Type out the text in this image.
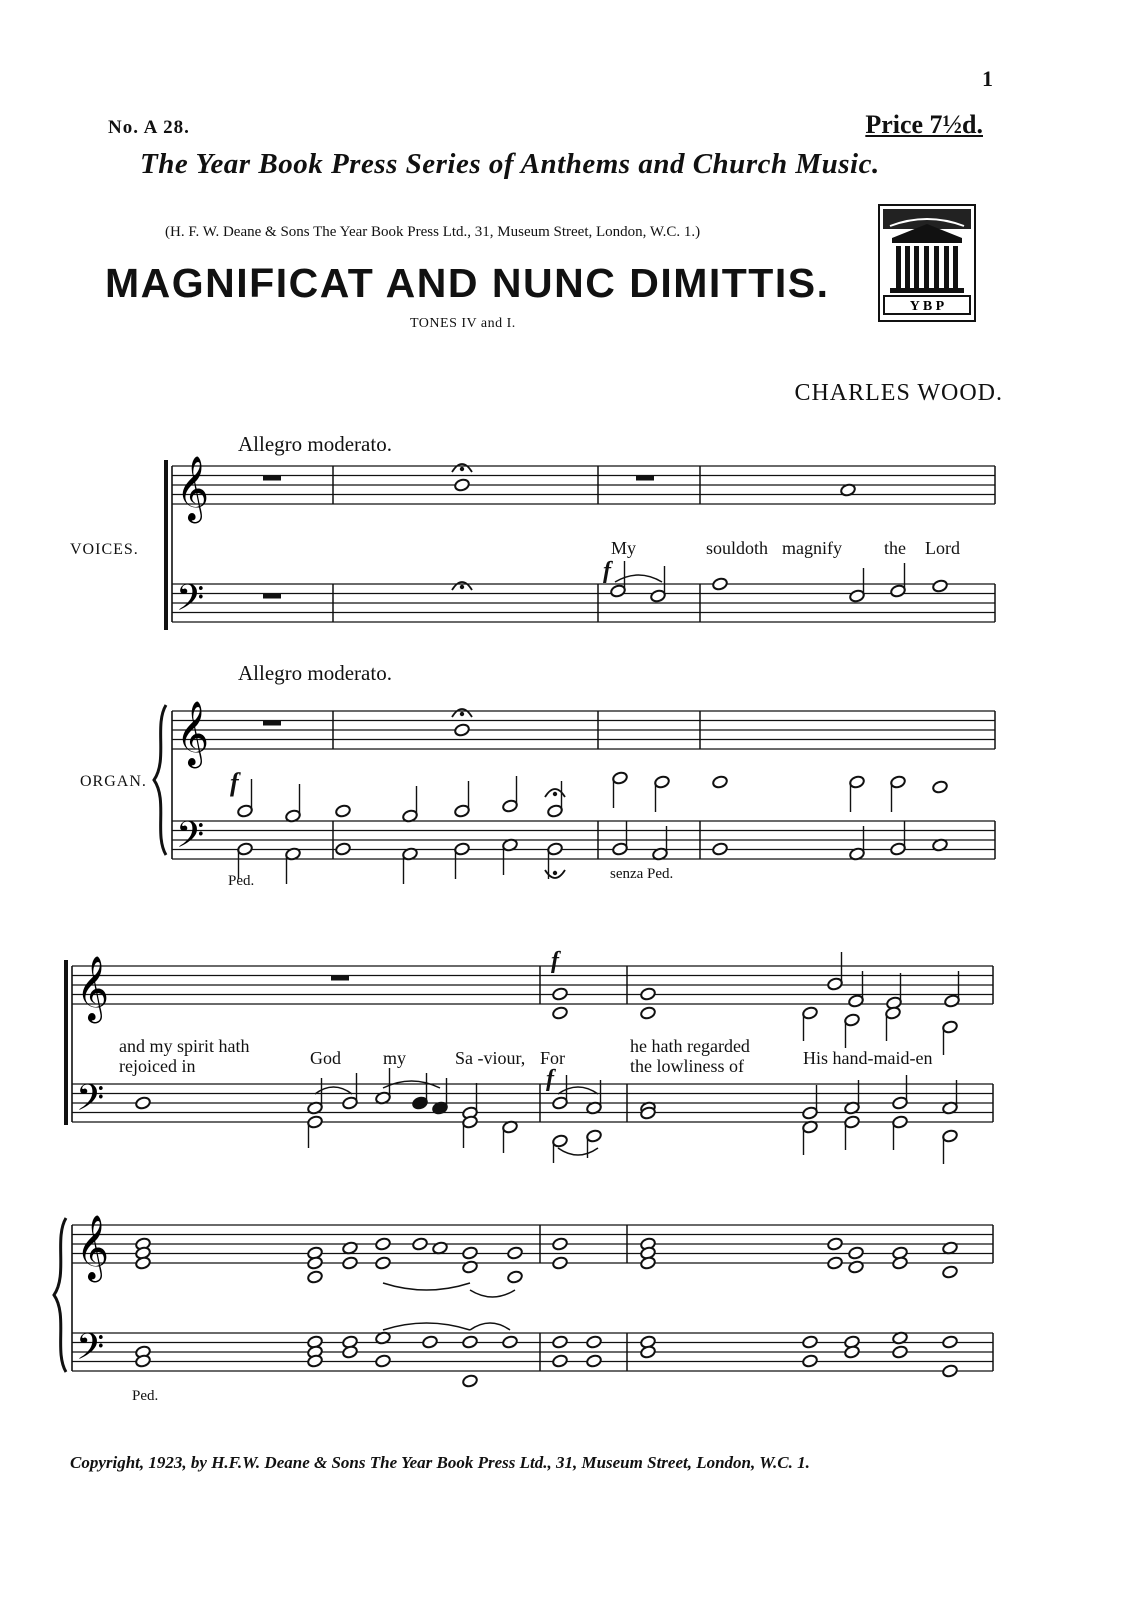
1
No. A 28.	Price 7½d.
The Year Book Press Series of Anthems and Church Music.
(H. F. W. Deane & Sons The Year Book Press Ltd., 31, Museum Street, London, W.C. 1.)
MAGNIFICAT AND NUNC DIMITTIS.
TONES IV and I.
CHARLES WOOD.
Y B P
Allegro moderato.
Allegro moderato.
VOICES.
ORGAN.
My	souldoth magnify the Lord
f
f
Ped.	senza Ped.
and my spirit hath
rejoiced in	God my	Sa -viour, For
he hath regarded
the lowliness of	His hand-maid-en
f
f
Ped.
Copyright, 1923, by H.F.W. Deane & Sons The Year Book Press Ltd., 31, Museum Street, London, W.C. 1.
𝄞
𝄢
𝄞
𝄢
𝄞
𝄢
𝄞
𝄢
